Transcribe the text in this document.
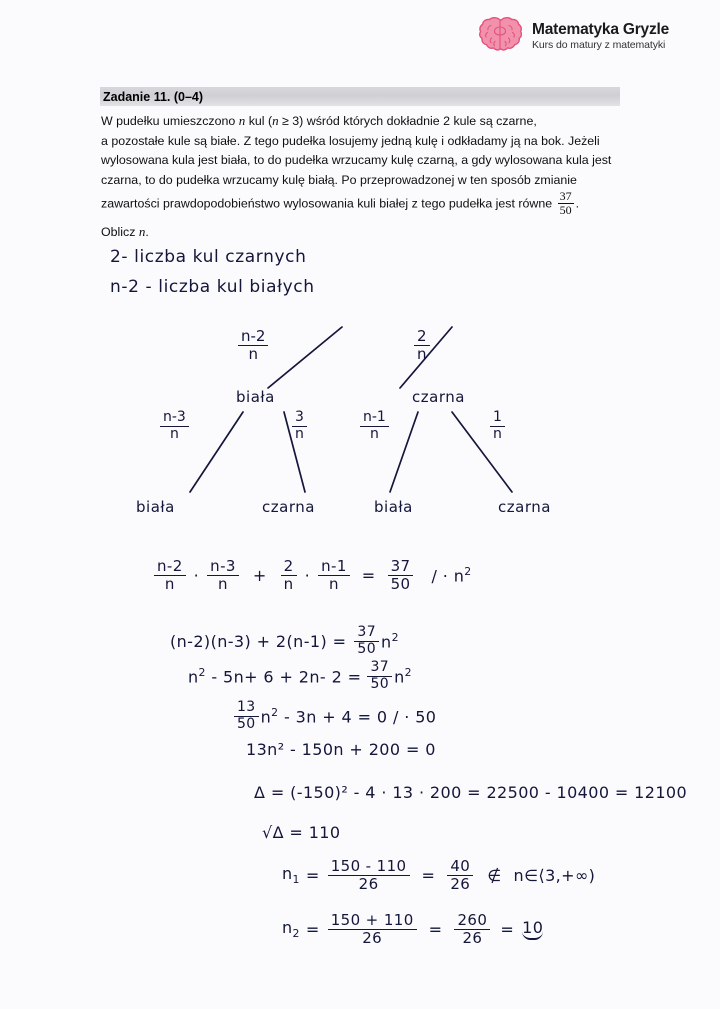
Matematyka Gryzle
Kurs do matury z matematyki
Zadanie 11. (0–4)

W pudełku umieszczono n kul (n ≥ 3) wśród których dokładnie 2 kule są czarne,

a pozostałe kule są białe. Z tego pudełka losujemy jedną kulę i odkładamy ją na bok. Jeżeli

wylosowana kula jest biała, to do pudełka wrzucamy kulę czarną, a gdy wylosowana kula jest

czarna, to do pudełka wrzucamy kulę białą. Po przeprowadzonej w ten sposób zmianie

zawartości prawdopodobieństwo wylosowania kuli białej z tego pudełka jest równe $\frac{37}{50}$ .

Oblicz n.

2- liczba kul czarnych
n-2 - liczba kul białych
$\frac{n-2}{n}$	$\frac{2}{n}$
biała	czarna
$\frac{n-3}{n}$	$\frac{3}{n}$	$\frac{n-1}{n}$	$\frac{1}{n}$
biała	czarna	biała	czarna
$\frac{n-2}{n} \cdot \frac{n-3}{n} + \frac{2}{n} \cdot \frac{n-1}{n} = \frac{37}{50}$ / · $n^2$
$(n-2)(n-3) + 2(n-1) = \frac{37}{50} n^2$
$n^2 - 5n+ 6 + 2n-$ $2 = \frac{37}{50} n^2$
$\frac{13}{50} n^2 - 3n + 4 = 0$ / · 50
13n² - 150n + 200 = 0
Δ = (-150)² - 4 · 13 · 200 = 22500 - 10400 = 12100
√Δ = 110
$n_1 = \frac{150 - 110}{26} = \frac{40}{26}$ ∉ n∈⟨3,+∞)
$n_2 = \frac{150 + 110}{26} = \frac{260}{26} = 10$
